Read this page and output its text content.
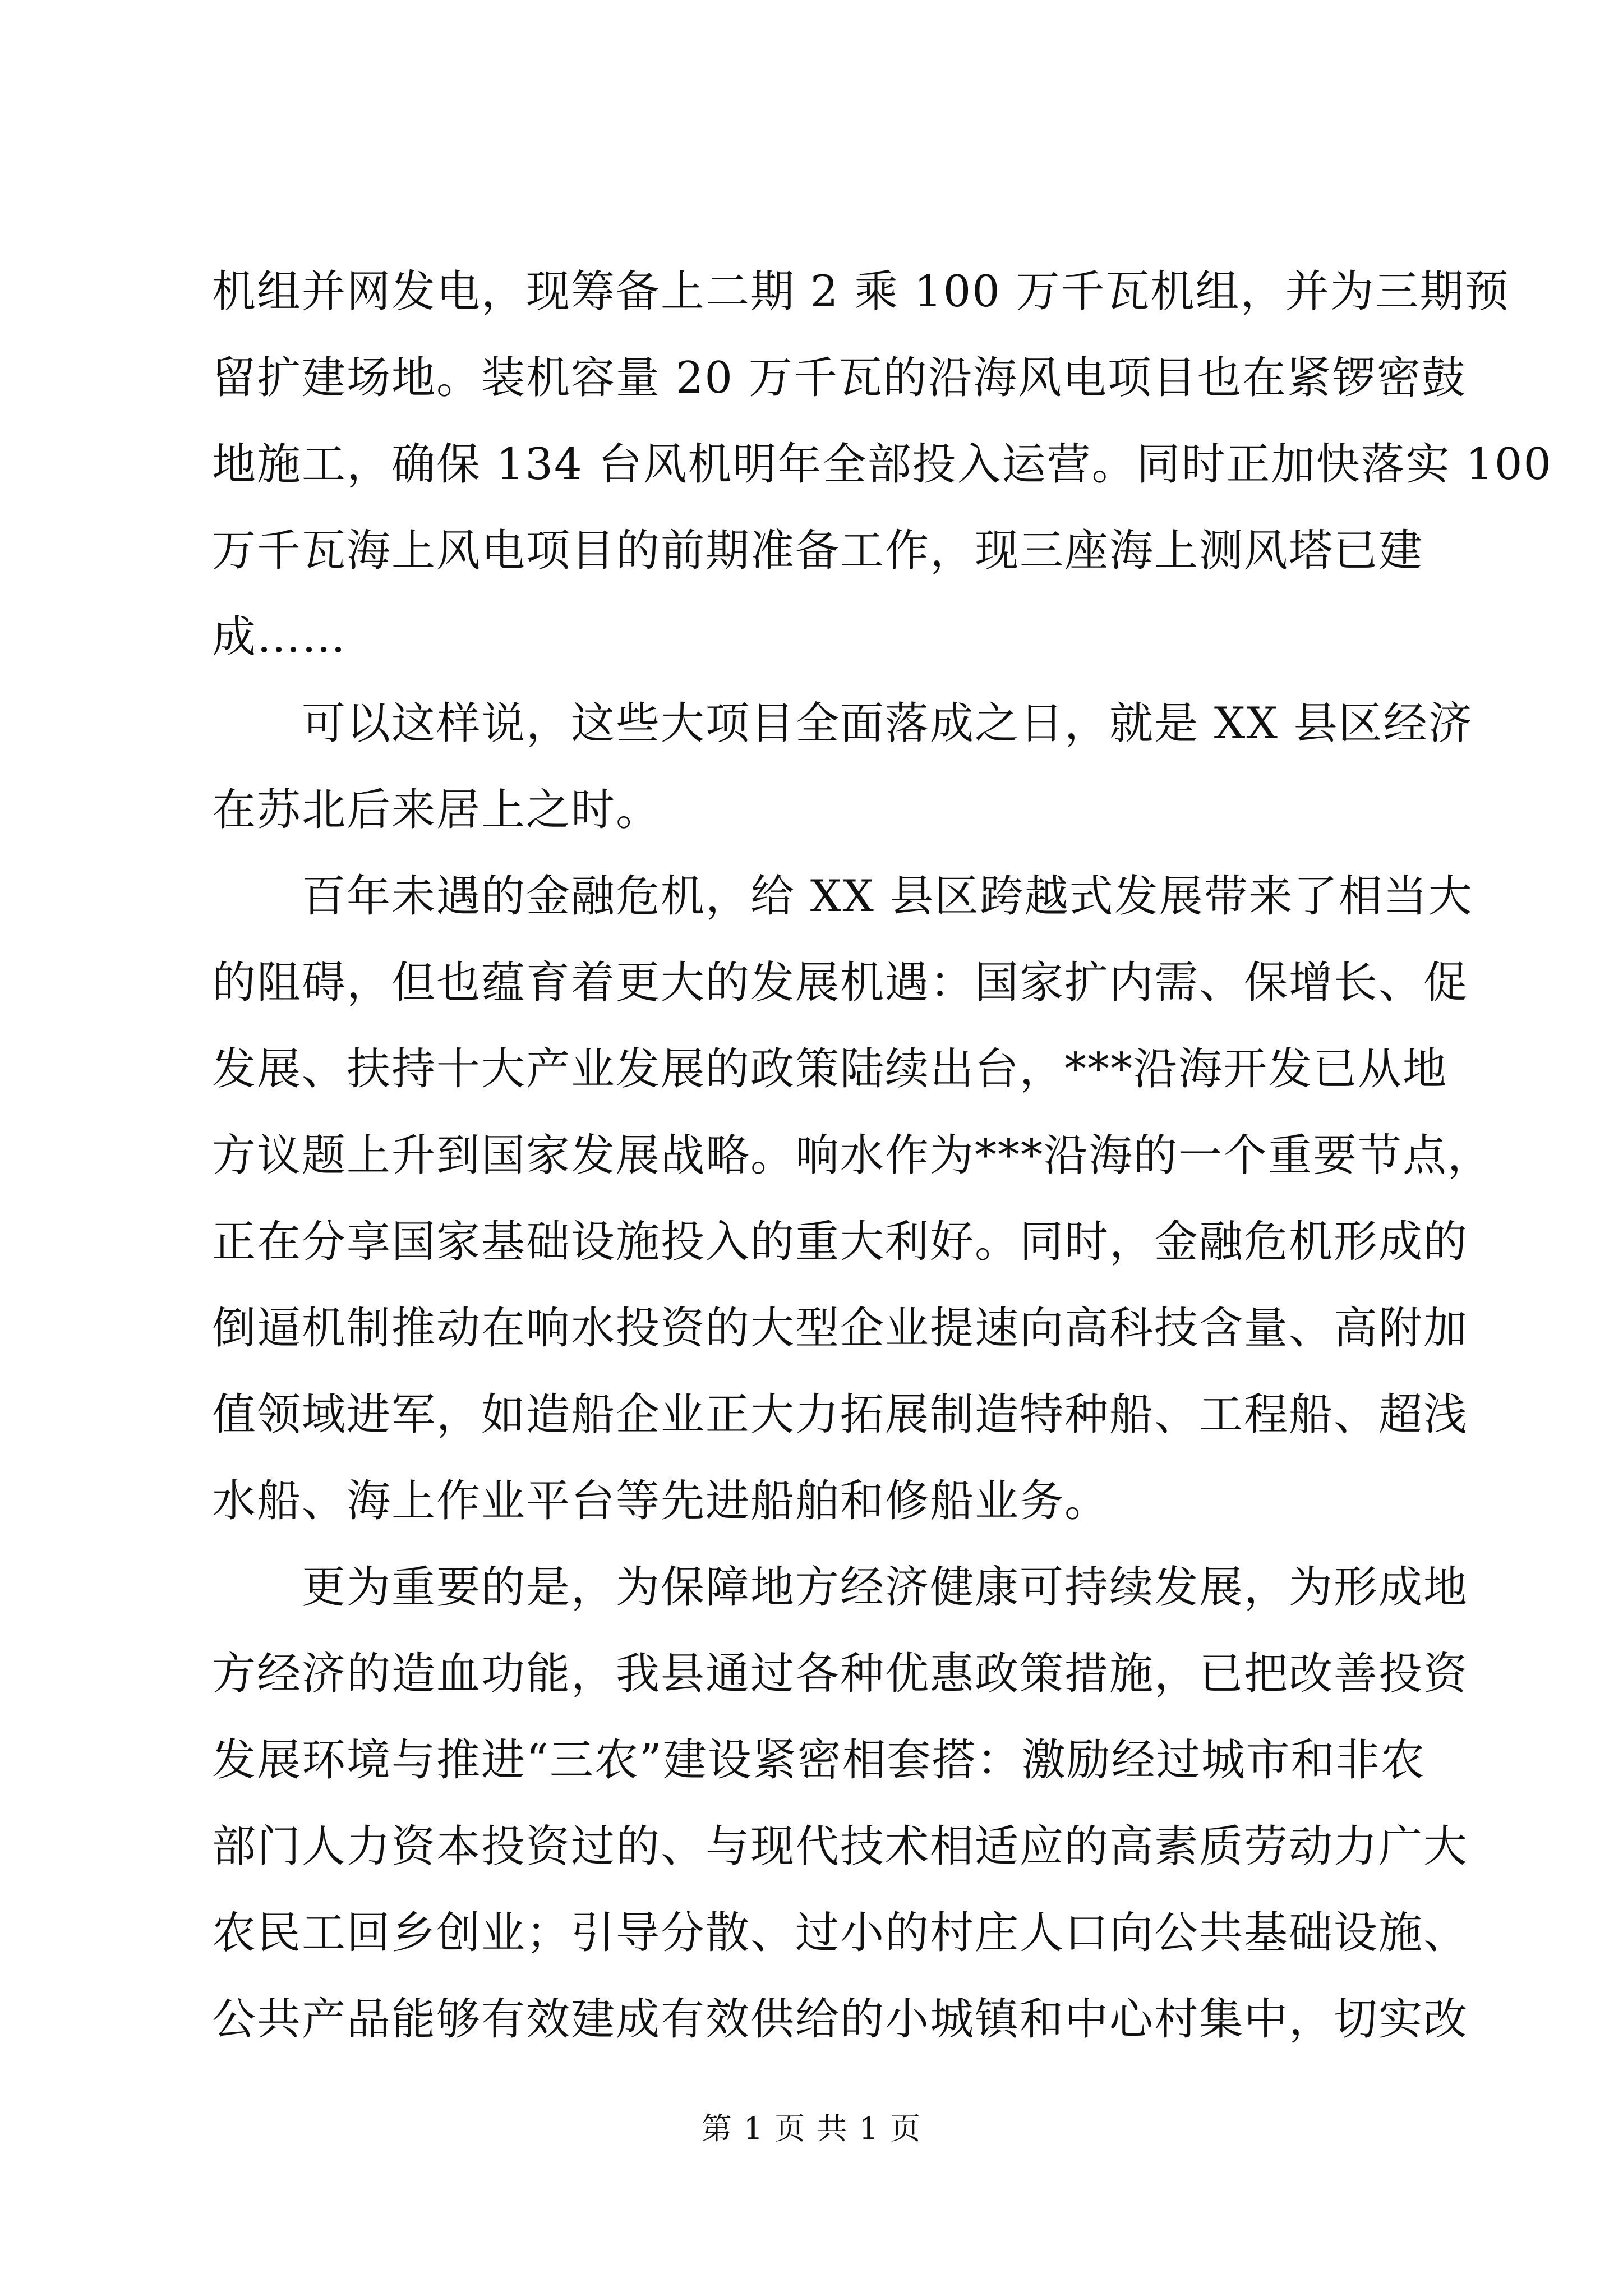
机组并网发电，现筹备上二期 2 乘 100 万千瓦机组，并为三期预
留扩建场地。装机容量 20 万千瓦的沿海风电项目也在紧锣密鼓
地施工，确保 134 台风机明年全部投入运营。同时正加快落实 100
万千瓦海上风电项目的前期准备工作，现三座海上测风塔已建
成……
　　可以这样说，这些大项目全面落成之日，就是 XX 县区经济
在苏北后来居上之时。
　　百年未遇的金融危机，给 XX 县区跨越式发展带来了相当大
的阻碍，但也蕴育着更大的发展机遇：国家扩内需、保增长、促
发展、扶持十大产业发展的政策陆续出台，***沿海开发已从地
方议题上升到国家发展战略。响水作为***沿海的一个重要节点，
正在分享国家基础设施投入的重大利好。同时，金融危机形成的
倒逼机制推动在响水投资的大型企业提速向高科技含量、高附加
值领域进军，如造船企业正大力拓展制造特种船、工程船、超浅
水船、海上作业平台等先进船舶和修船业务。
　　更为重要的是，为保障地方经济健康可持续发展，为形成地
方经济的造血功能，我县通过各种优惠政策措施，已把改善投资
发展环境与推进“三农”建设紧密相套搭：激励经过城市和非农
部门人力资本投资过的、与现代技术相适应的高素质劳动力广大
农民工回乡创业；引导分散、过小的村庄人口向公共基础设施、
公共产品能够有效建成有效供给的小城镇和中心村集中，切实改
第 1 页 共 1 页
